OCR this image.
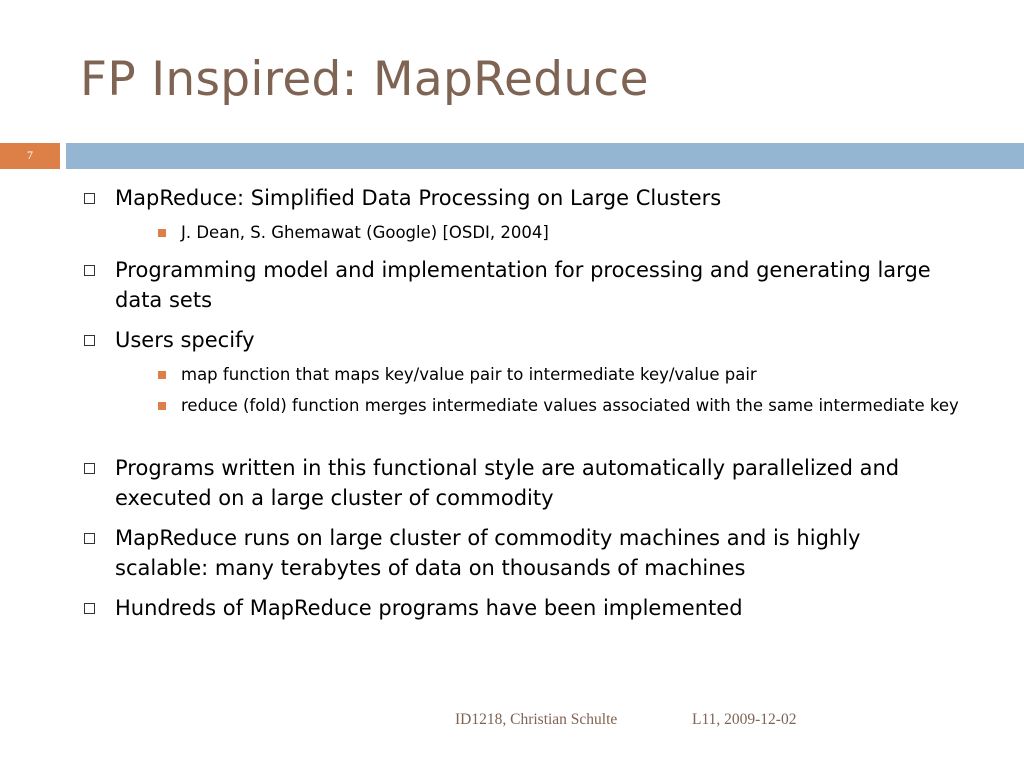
FP Inspired: MapReduce
7
MapReduce: Simplified Data Processing on Large Clusters
J. Dean, S. Ghemawat (Google) [OSDI, 2004]
Programming model and implementation for processing and generating large data sets
Users specify
map function that maps key/value pair to intermediate key/value pair
reduce (fold) function merges intermediate values associated with the same intermediate key
Programs written in this functional style are automatically parallelized and executed on a large cluster of commodity
MapReduce runs on large cluster of commodity machines and is highly scalable: many terabytes of data on thousands of machines
Hundreds of MapReduce programs have been implemented
ID1218, Christian Schulte	L11, 2009-12-02
